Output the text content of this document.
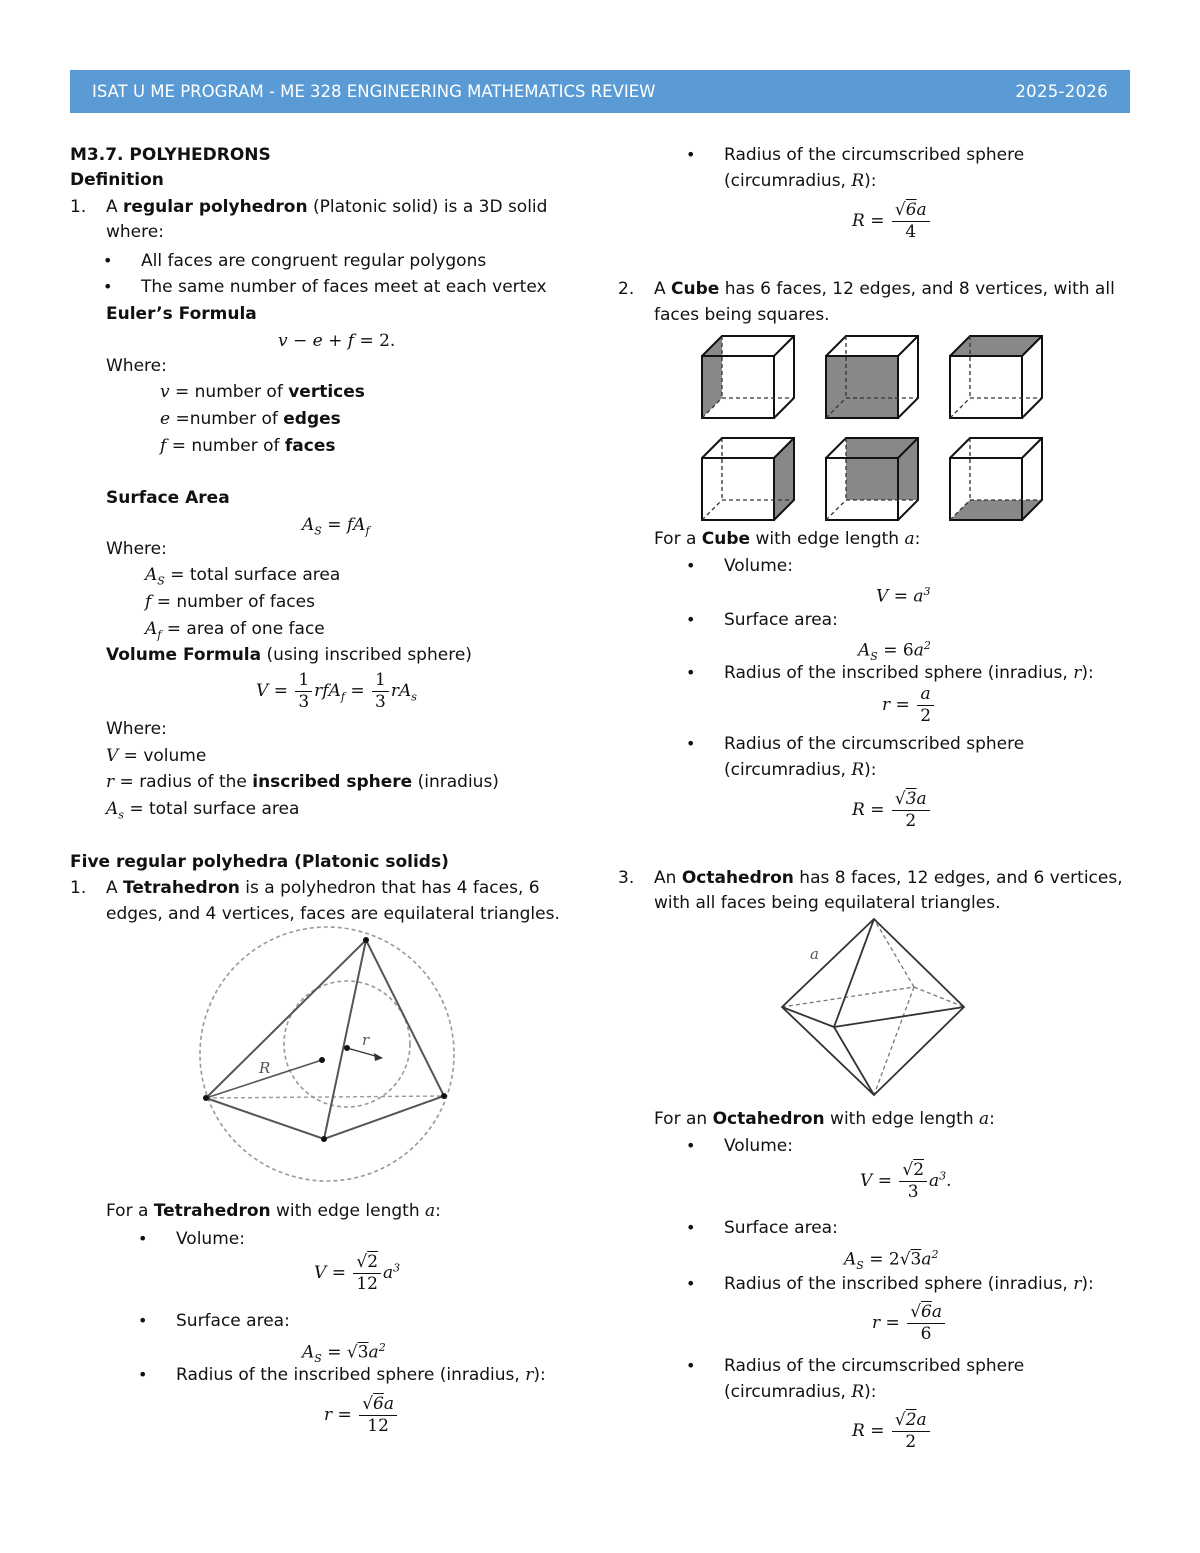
ISAT U ME PROGRAM - ME 328 ENGINEERING MATHEMATICS REVIEW	2025-2026
M3.7. POLYHEDRONS
Definition
1. A regular polyhedron (Platonic solid) is a 3D solid
where:
• All faces are congruent regular polygons
• The same number of faces meet at each vertex
Euler’s Formula
v − e + f = 2.
Where:
v = number of vertices
e =number of edges
f = number of faces
Surface Area
$A_S = fA_f$
Where:
$A_S$ = total surface area
f = number of faces
$A_f$ = area of one face
Volume Formula (using inscribed sphere)
$V = \frac{1}{3} rfA_f = \frac{1}{3} rA_s$
Where:
V = volume
r = radius of the inscribed sphere (inradius)
$A_s$ = total surface area
Five regular polyhedra (Platonic solids)
1. A Tetrahedron is a polyhedron that has 4 faces, 6
edges, and 4 vertices, faces are equilateral triangles.
R
r
For a Tetrahedron with edge length a:
• Volume:
$V = \frac{√2}{12} a^3$
• Surface area:
$A_S = √3a^2$
• Radius of the inscribed sphere (inradius, r):
$r = \frac{√6a}{12}$
• Radius of the circumscribed sphere
(circumradius, R):
$R = \frac{√6a}{4}$
2. A Cube has 6 faces, 12 edges, and 8 vertices, with all
faces being squares.
For a Cube with edge length a:
• Volume:
$V = a^3$
• Surface area:
$A_S = 6a^2$
• Radius of the inscribed sphere (inradius, r):
$r = \frac{a}{2}$
• Radius of the circumscribed sphere
(circumradius, R):
$R = \frac{√3a}{2}$
3. An Octahedron has 8 faces, 12 edges, and 6 vertices,
with all faces being equilateral triangles.
a
For an Octahedron with edge length a:
• Volume:
$V = \frac{√2}{3} a^3$.
• Surface area:
$A_S = 2√3a^2$
• Radius of the inscribed sphere (inradius, r):
$r = \frac{√6a}{6}$
• Radius of the circumscribed sphere
(circumradius, R):
$R = \frac{√2a}{2}$
